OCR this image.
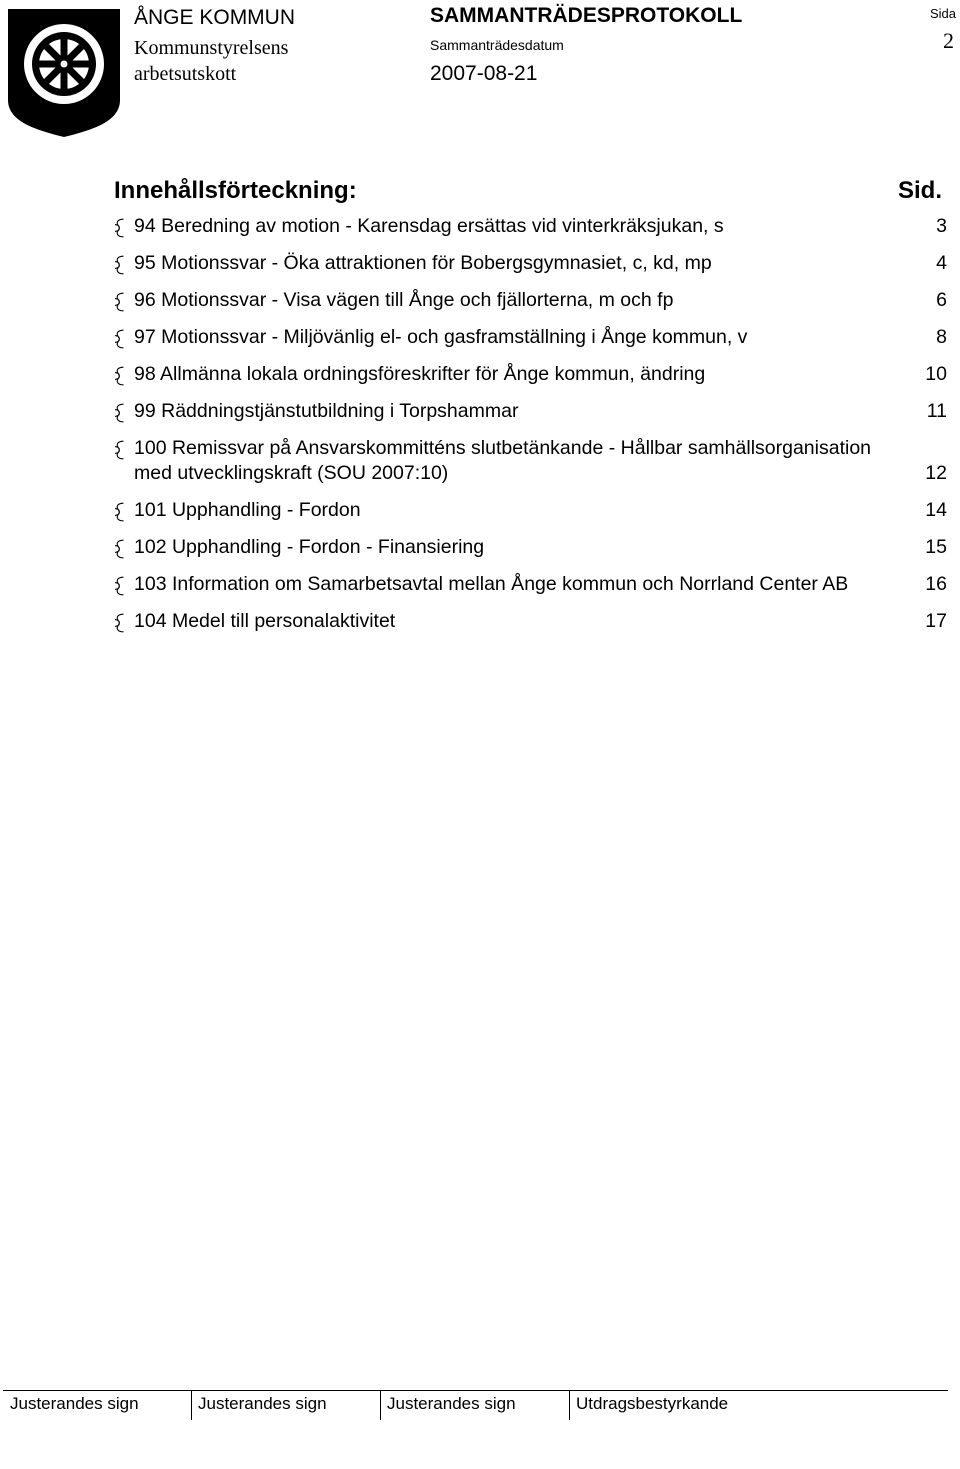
ÅNGE KOMMUN
Kommunstyrelsens
arbetsutskott
SAMMANTRÄDESPROTOKOLL
Sammanträdesdatum
2007-08-21
Sida
2
Innehållsförteckning:	Sid.
94 Beredning av motion - Karensdag ersättas vid vinterkräksjukan, s	3
95 Motionssvar - Öka attraktionen för Bobergsgymnasiet, c, kd, mp	4
96 Motionssvar - Visa vägen till Ånge och fjällorterna, m och fp	6
97 Motionssvar - Miljövänlig el- och gasframställning i Ånge kommun, v	8
98 Allmänna lokala ordningsföreskrifter för Ånge kommun, ändring	10
99 Räddningstjänstutbildning i Torpshammar	11
100 Remissvar på Ansvarskommitténs slutbetänkande - Hållbar samhällsorganisation med utvecklingskraft (SOU 2007:10)	12
101 Upphandling - Fordon	14
102 Upphandling - Fordon - Finansiering	15
103 Information om Samarbetsavtal mellan Ånge kommun och Norrland Center AB	16
104 Medel till personalaktivitet	17
Justerandes sign	Justerandes sign	Justerandes sign	Utdragsbestyrkande
